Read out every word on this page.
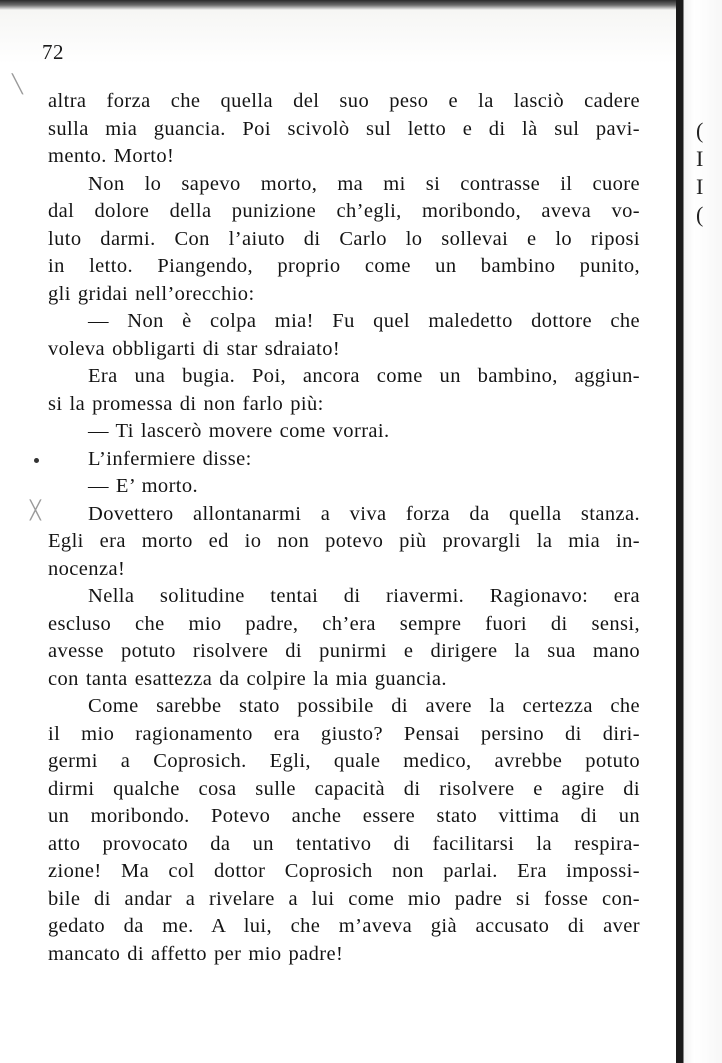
(
I
I
(
72
╲
╳
altra forza che quella del suo peso e la lasciò cadere
sulla mia guancia. Poi scivolò sul letto e di là sul pavi-
mento. Morto!
Non lo sapevo morto, ma mi si contrasse il cuore
dal dolore della punizione ch’egli, moribondo, aveva vo-
luto darmi. Con l’aiuto di Carlo lo sollevai e lo riposi
in letto. Piangendo, proprio come un bambino punito,
gli gridai nell’orecchio:
— Non è colpa mia! Fu quel maledetto dottore che
voleva obbligarti di star sdraiato!
Era una bugia. Poi, ancora come un bambino, aggiun-
si la promessa di non farlo più:
— Ti lascerò movere come vorrai.
L’infermiere disse:
— E’ morto.
Dovettero allontanarmi a viva forza da quella stanza.
Egli era morto ed io non potevo più provargli la mia in-
nocenza!
Nella solitudine tentai di riavermi. Ragionavo: era
escluso che mio padre, ch’era sempre fuori di sensi,
avesse potuto risolvere di punirmi e dirigere la sua mano
con tanta esattezza da colpire la mia guancia.
Come sarebbe stato possibile di avere la certezza che
il mio ragionamento era giusto? Pensai persino di diri-
germi a Coprosich. Egli, quale medico, avrebbe potuto
dirmi qualche cosa sulle capacità di risolvere e agire di
un moribondo. Potevo anche essere stato vittima di un
atto provocato da un tentativo di facilitarsi la respira-
zione! Ma col dottor Coprosich non parlai. Era impossi-
bile di andar a rivelare a lui come mio padre si fosse con-
gedato da me. A lui, che m’aveva già accusato di aver
mancato di affetto per mio padre!
